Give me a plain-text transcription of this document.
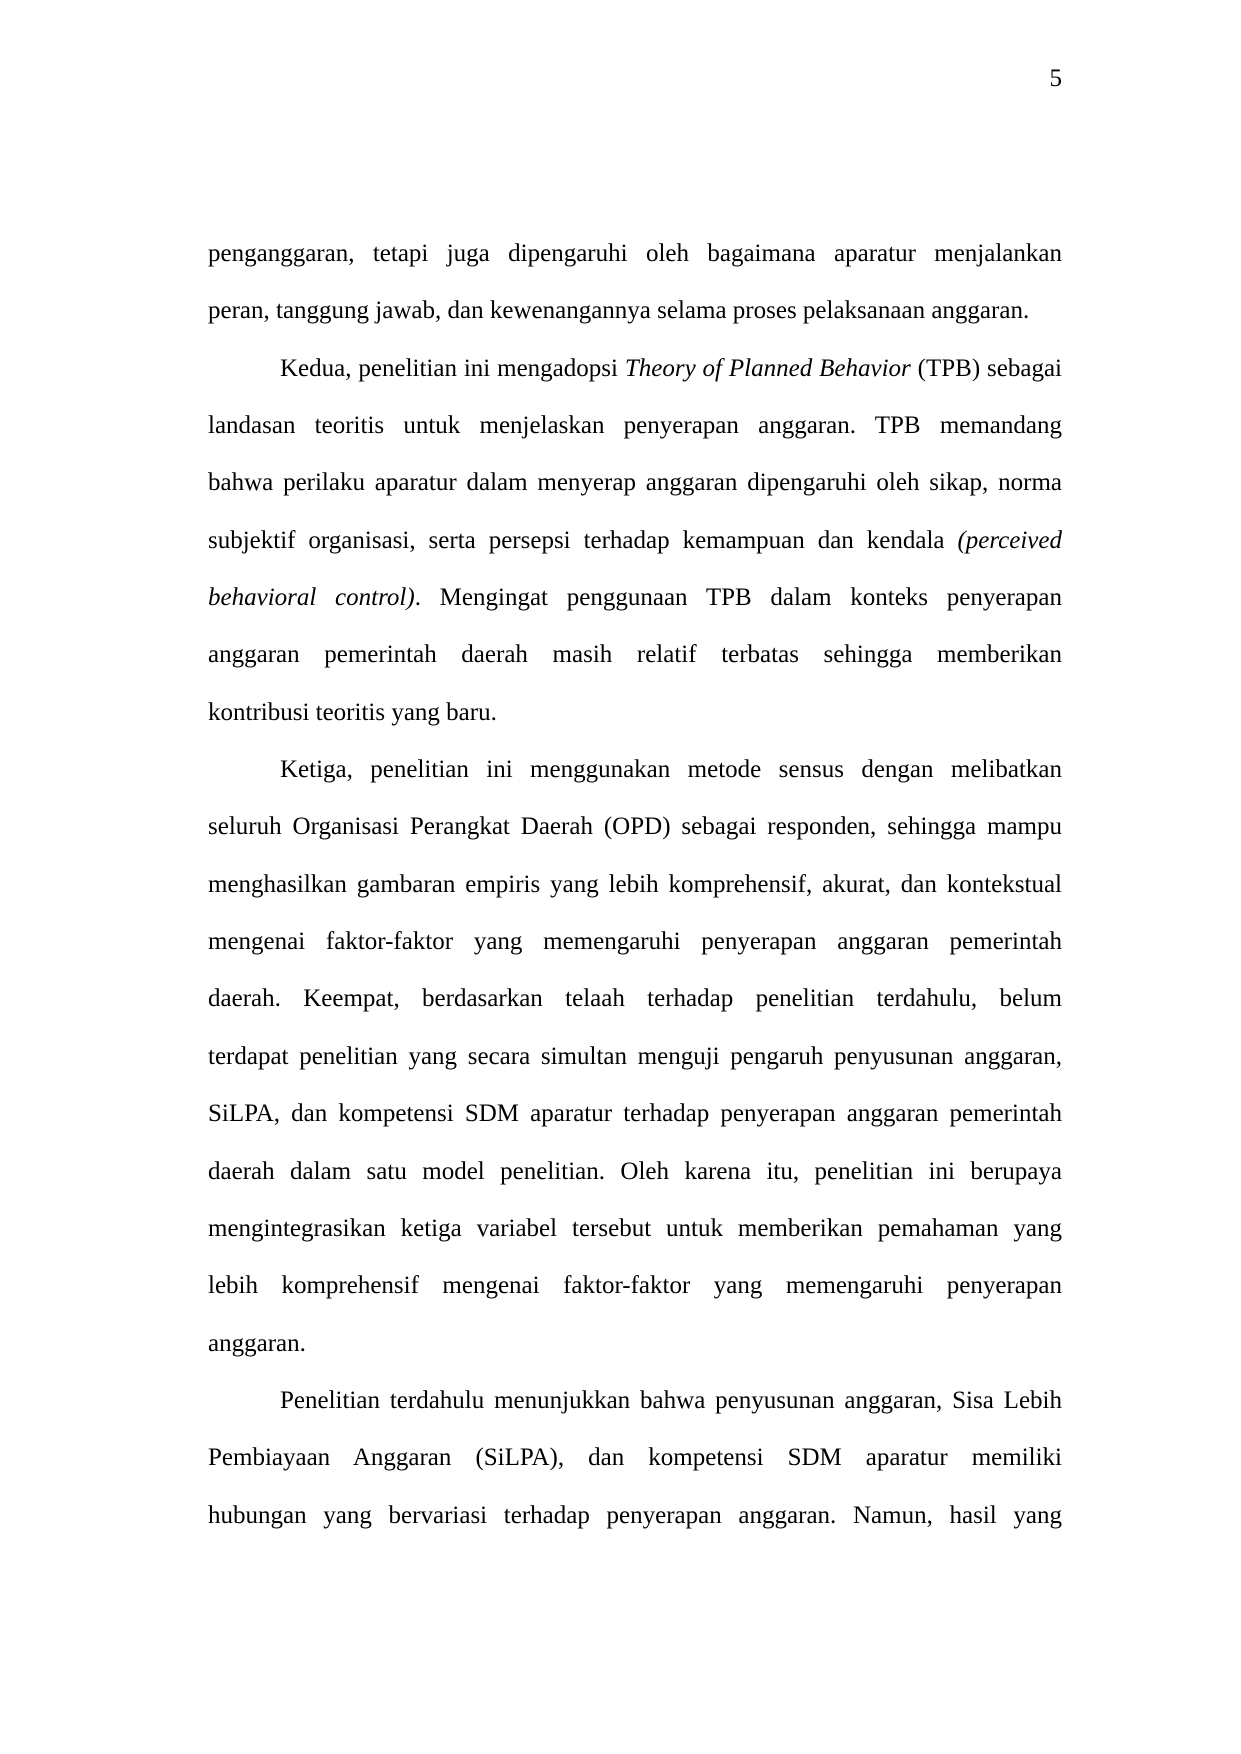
5
penganggaran, tetapi juga dipengaruhi oleh bagaimana aparatur menjalankan
peran, tanggung jawab, dan kewenangannya selama proses pelaksanaan anggaran.
Kedua, penelitian ini mengadopsi Theory of Planned Behavior (TPB) sebagai
landasan teoritis untuk menjelaskan penyerapan anggaran. TPB memandang
bahwa perilaku aparatur dalam menyerap anggaran dipengaruhi oleh sikap, norma
subjektif organisasi, serta persepsi terhadap kemampuan dan kendala (perceived
behavioral control). Mengingat penggunaan TPB dalam konteks penyerapan
anggaran pemerintah daerah masih relatif terbatas sehingga memberikan
kontribusi teoritis yang baru.
Ketiga, penelitian ini menggunakan metode sensus dengan melibatkan
seluruh Organisasi Perangkat Daerah (OPD) sebagai responden, sehingga mampu
menghasilkan gambaran empiris yang lebih komprehensif, akurat, dan kontekstual
mengenai faktor-faktor yang memengaruhi penyerapan anggaran pemerintah
daerah. Keempat, berdasarkan telaah terhadap penelitian terdahulu, belum
terdapat penelitian yang secara simultan menguji pengaruh penyusunan anggaran,
SiLPA, dan kompetensi SDM aparatur terhadap penyerapan anggaran pemerintah
daerah dalam satu model penelitian. Oleh karena itu, penelitian ini berupaya
mengintegrasikan ketiga variabel tersebut untuk memberikan pemahaman yang
lebih komprehensif mengenai faktor-faktor yang memengaruhi penyerapan
anggaran.
Penelitian terdahulu menunjukkan bahwa penyusunan anggaran, Sisa Lebih
Pembiayaan Anggaran (SiLPA), dan kompetensi SDM aparatur memiliki
hubungan yang bervariasi terhadap penyerapan anggaran. Namun, hasil yang
